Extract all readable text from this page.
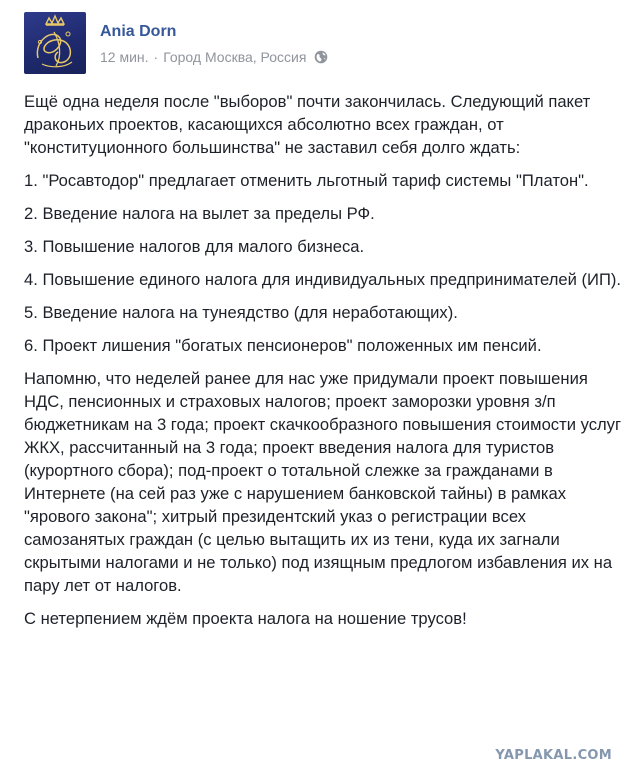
Ania Dorn
12 мин. · Город Москва, Россия

Ещё одна неделя после "выборов" почти закончилась. Следующий пакет драконьих проектов, касающихся абсолютно всех граждан, от "конституционного большинства" не заставил себя долго ждать:

1. "Росавтодор" предлагает отменить льготный тариф системы "Платон".

2. Введение налога на вылет за пределы РФ.

3. Повышение налогов для малого бизнеса.

4. Повышение единого налога для индивидуальных предпринимателей (ИП).

5. Введение налога на тунеядство (для неработающих).

6. Проект лишения "богатых пенсионеров" положенных им пенсий.

Напомню, что неделей ранее для нас уже придумали проект повышения НДС, пенсионных и страховых налогов; проект заморозки уровня з/п бюджетникам на 3 года; проект скачкообразного повышения стоимости услуг ЖКХ, рассчитанный на 3 года; проект введения налога для туристов (курортного сбора); под-проект о тотальной слежке за гражданами в Интернете (на сей раз уже с нарушением банковской тайны) в рамках "ярового закона"; хитрый президентский указ о регистрации всех самозанятых граждан (с целью вытащить их из тени, куда их загнали скрытыми налогами и не только) под изящным предлогом избавления их на пару лет от налогов.

С нетерпением ждём проекта налога на ношение трусов!

YAPLAKAL.COM
